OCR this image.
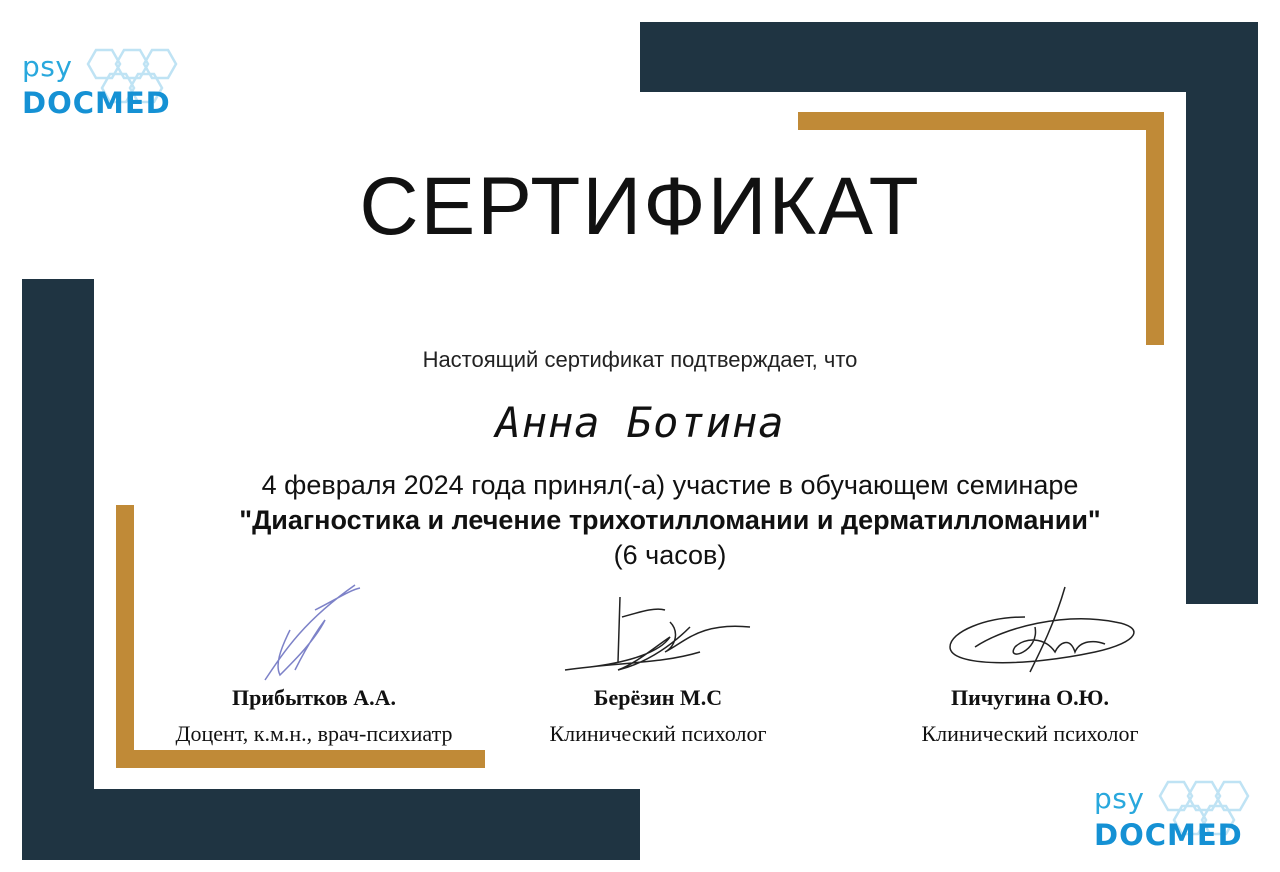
psy
DOCMED
psy
DOCMED
СЕРТИФИКАТ
Настоящий сертификат подтверждает, что
Анна Ботина
4 февраля 2024 года принял(-а) участие в обучающем семинаре
"Диагностика и лечение трихотилломании и дерматилломании"
(6 часов)
Прибытков А.А.
Доцент, к.м.н., врач-психиатр
Берёзин М.С
Клинический психолог
Пичугина О.Ю.
Клинический психолог
